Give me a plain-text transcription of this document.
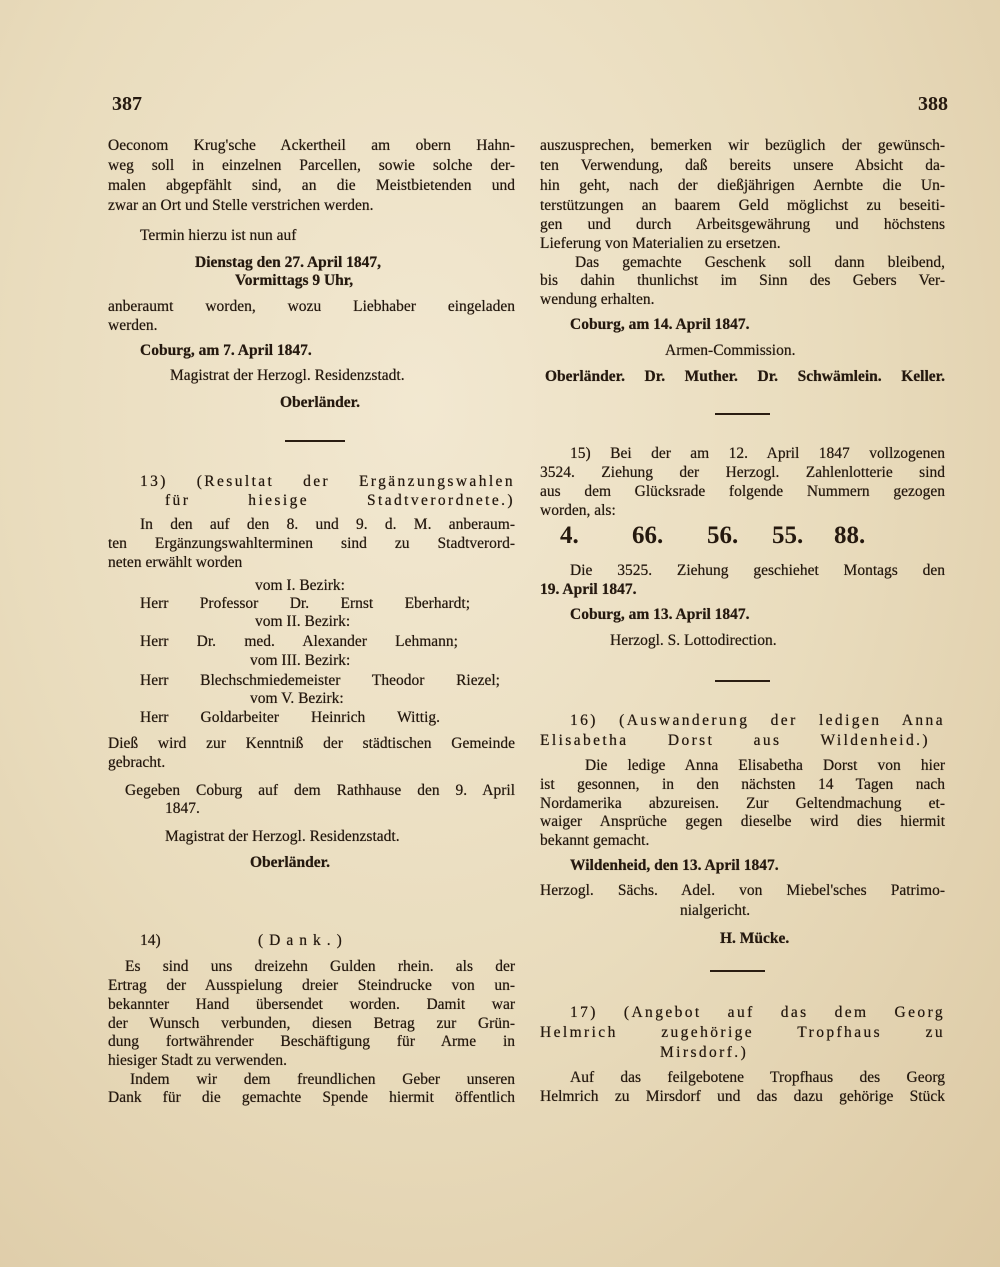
387	388
Oeconom Krug'sche Ackertheil am obern Hahn-
weg soll in einzelnen Parcellen, sowie solche der-
malen abgepfählt sind, an die Meistbietenden und
zwar an Ort und Stelle verstrichen werden.
Termin hierzu ist nun auf
Dienstag den 27. April 1847,
Vormittags 9 Uhr,
anberaumt worden, wozu Liebhaber eingeladen
werden.
Coburg, am 7. April 1847.
Magistrat der Herzogl. Residenzstadt.
Oberländer.
13) (Resultat der Ergänzungswahlen
für hiesige Stadtverordnete.)
In den auf den 8. und 9. d. M. anberaum-
ten Ergänzungswahlterminen sind zu Stadtverord-
neten erwählt worden
vom I. Bezirk:
Herr Professor Dr. Ernst Eberhardt;
vom II. Bezirk:
Herr Dr. med. Alexander Lehmann;
vom III. Bezirk:
Herr Blechschmiedemeister Theodor Riezel;
vom V. Bezirk:
Herr Goldarbeiter Heinrich Wittig.
Dieß wird zur Kenntniß der städtischen Gemeinde
gebracht.
Gegeben Coburg auf dem Rathhause den 9. April
1847.
Magistrat der Herzogl. Residenzstadt.
Oberländer.
14)	(Dank.)
Es sind uns dreizehn Gulden rhein. als der
Ertrag der Ausspielung dreier Steindrucke von un-
bekannter Hand übersendet worden. Damit war
der Wunsch verbunden, diesen Betrag zur Grün-
dung fortwährender Beschäftigung für Arme in
hiesiger Stadt zu verwenden.
Indem wir dem freundlichen Geber unseren
Dank für die gemachte Spende hiermit öffentlich
auszusprechen, bemerken wir bezüglich der gewünsch-
ten Verwendung, daß bereits unsere Absicht da-
hin geht, nach der dießjährigen Aernbte die Un-
terstützungen an baarem Geld möglichst zu beseiti-
gen und durch Arbeitsgewährung und höchstens
Lieferung von Materialien zu ersetzen.
Das gemachte Geschenk soll dann bleibend,
bis dahin thunlichst im Sinn des Gebers Ver-
wendung erhalten.
Coburg, am 14. April 1847.
Armen-Commission.
Oberländer. Dr. Muther. Dr. Schwämlein. Keller.
15) Bei der am 12. April 1847 vollzogenen
3524. Ziehung der Herzogl. Zahlenlotterie sind
aus dem Glücksrade folgende Nummern gezogen
worden, als:
4. 66. 56. 55. 88.
Die 3525. Ziehung geschiehet Montags den
19. April 1847.
Coburg, am 13. April 1847.
Herzogl. S. Lottodirection.
16) (Auswanderung der ledigen Anna
Elisabetha Dorst aus Wildenheid.)
Die ledige Anna Elisabetha Dorst von hier
ist gesonnen, in den nächsten 14 Tagen nach
Nordamerika abzureisen. Zur Geltendmachung et-
waiger Ansprüche gegen dieselbe wird dies hiermit
bekannt gemacht.
Wildenheid, den 13. April 1847.
Herzogl. Sächs. Adel. von Miebel'sches Patrimo-
nialgericht.
H. Mücke.
17) (Angebot auf das dem Georg
Helmrich zugehörige Tropfhaus zu
Mirsdorf.)
Auf das feilgebotene Tropfhaus des Georg
Helmrich zu Mirsdorf und das dazu gehörige Stück
